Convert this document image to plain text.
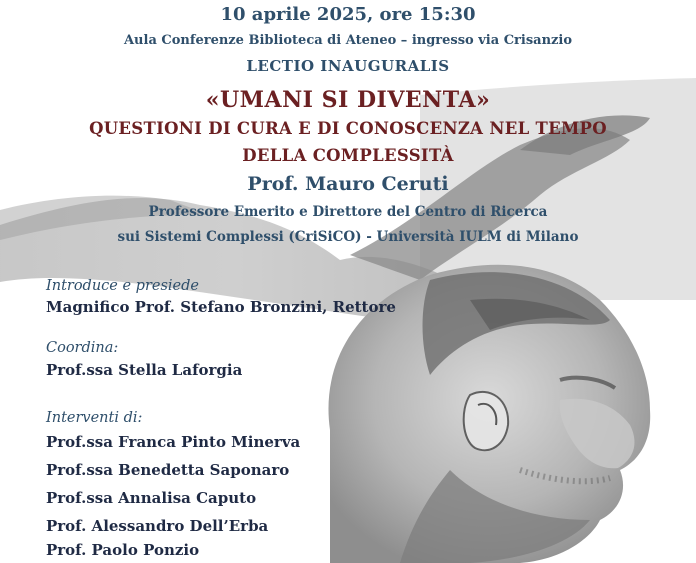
10 aprile 2025, ore 15:30
Aula Conferenze Biblioteca di Ateneo – ingresso via Crisanzio
LECTIO INAUGURALIS
«UMANI SI DIVENTA»
QUESTIONI DI CURA E DI CONOSCENZA NEL TEMPO
DELLA COMPLESSITÀ
Prof. Mauro Ceruti
Professore Emerito e Direttore del Centro di Ricerca
sui Sistemi Complessi (CriSiCO) - Università IULM di Milano
Introduce e presiede
Magnifico Prof. Stefano Bronzini, Rettore
Coordina:
Prof.ssa Stella Laforgia
Interventi di:
Prof.ssa Franca Pinto Minerva
Prof.ssa Benedetta Saponaro
Prof.ssa Annalisa Caputo
Prof. Alessandro Dell’Erba
Prof. Paolo Ponzio
